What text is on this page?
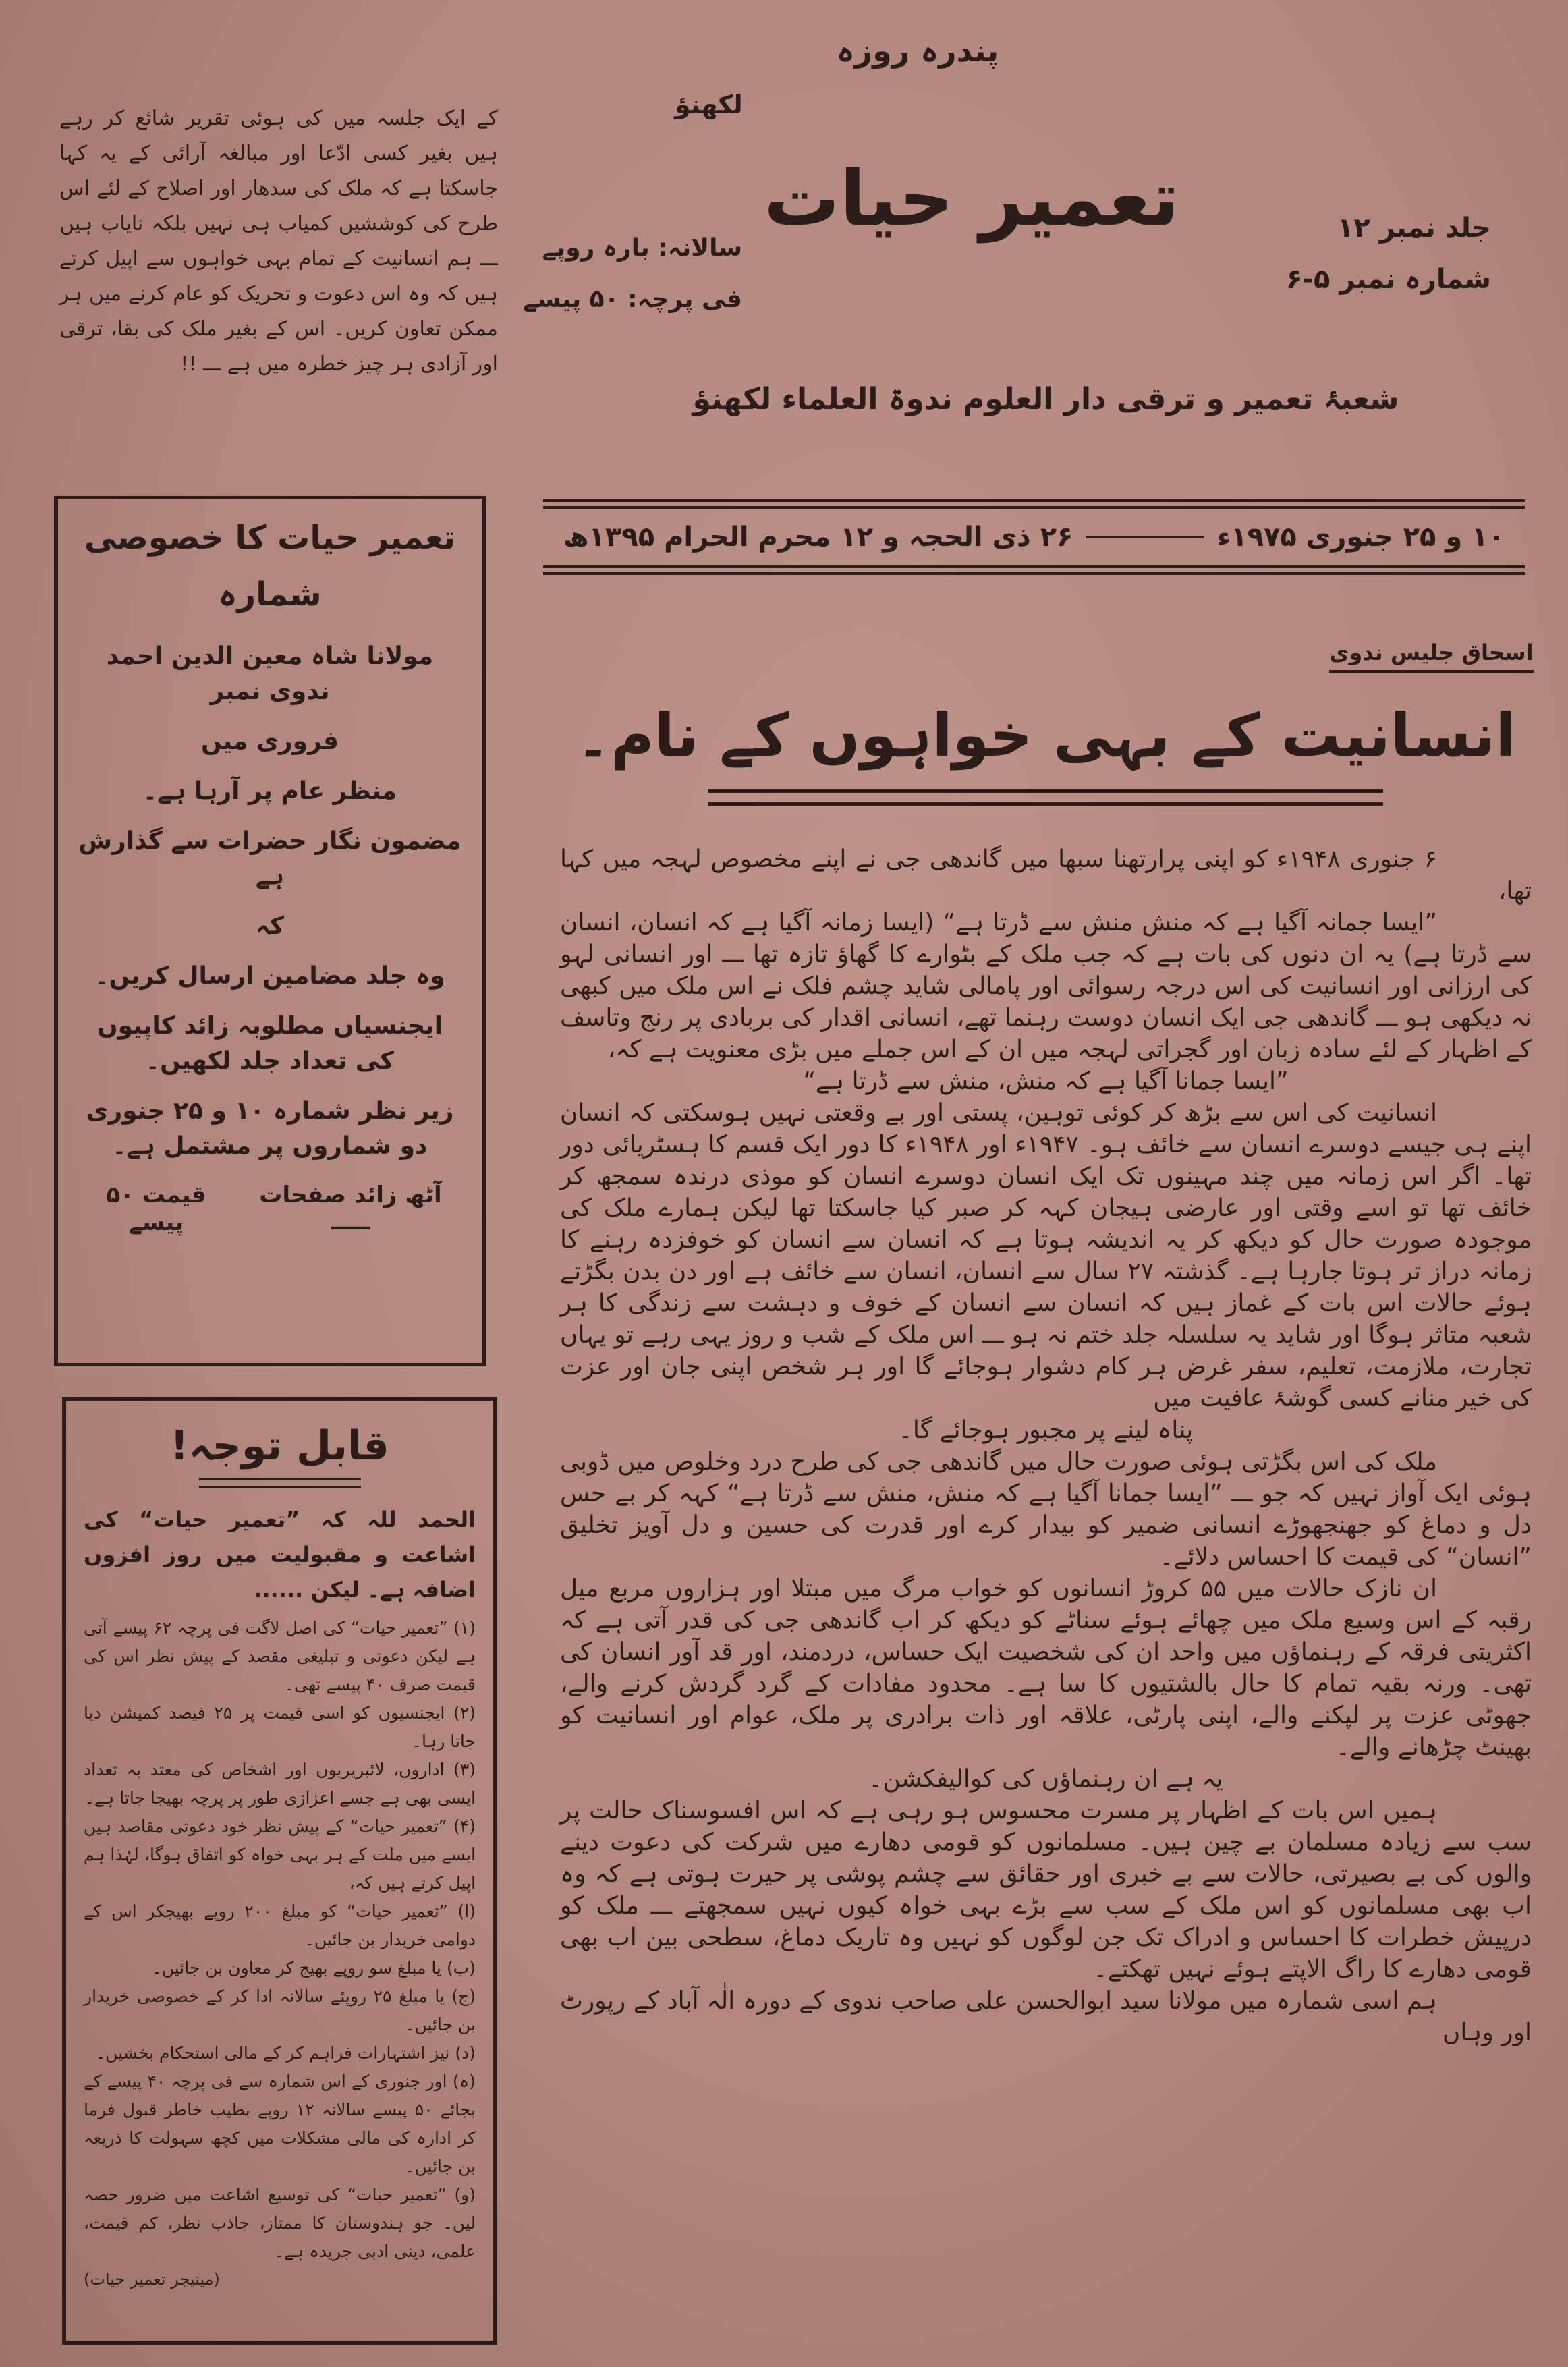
پندرہ روزہ
لکھنؤ
تعمیر حیات	جلد نمبر ۱۲
شمارہ نمبر ۵-۶
سالانہ: بارہ روپے
فی پرچہ: ۵۰ پیسے
شعبۂ تعمیر و ترقی دار العلوم ندوۃ العلماء لکھنؤ
۱۰ و ۲۵ جنوری ۱۹۷۵ء
۲۶ ذی الحجہ و ۱۲ محرم الحرام ۱۳۹۵ھ
کے ایک جلسہ میں کی ہوئی تقریر شائع کر رہے ہیں بغیر کسی ادّعا اور مبالغہ آرائی کے یہ کہا جاسکتا ہے کہ ملک کی سدھار اور اصلاح کے لئے اس طرح کی کوششیں کمیاب ہی نہیں بلکہ نایاب ہیں ـــ ہم انسانیت کے تمام بہی خواہوں سے اپیل کرتے ہیں کہ وہ اس دعوت و تحریک کو عام کرنے میں ہر ممکن تعاون کریں۔ اس کے بغیر ملک کی بقا، ترقی اور آزادی ہر چیز خطرہ میں ہے ـــ !!
تعمیر حیات کا خصوصی شمارہ
مولانا شاہ معین الدین احمد ندوی نمبر
فروری میں
منظر عام پر آرہا ہے۔
مضمون نگار حضرات سے گذارش ہے
کہ
وہ جلد مضامین ارسال کریں۔
ایجنسیاں مطلوبہ زائد کاپیوں کی تعداد جلد لکھیں۔
زیر نظر شمارہ ۱۰ و ۲۵ جنوری دو شماروں پر مشتمل ہے۔
آٹھ زائد صفحات ـــــ
قیمت ۵۰ پیسے
قابل توجہ!
الحمد للہ کہ ”تعمیر حیات“ کی اشاعت و مقبولیت میں روز افزوں اضافہ ہے۔ لیکن ......
(۱) ”تعمیر حیات“ کی اصل لاگت فی پرچہ ۶۲ پیسے آتی ہے لیکن دعوتی و تبلیغی مقصد کے پیش نظر اس کی قیمت صرف ۴۰ پیسے تھی۔
(۲) ایجنسیوں کو اسی قیمت پر ۲۵ فیصد کمیشن دیا جاتا رہا۔
(۳) اداروں، لائبریریوں اور اشخاص کی معتد بہ تعداد ایسی بھی ہے جسے اعزازی طور پر پرچہ بھیجا جاتا ہے۔
(۴) ”تعمیر حیات“ کے پیش نظر خود دعوتی مقاصد ہیں ایسے میں ملت کے ہر بہی خواہ کو اتفاق ہوگا، لہٰذا ہم اپیل کرتے ہیں کہ،
(ا) ”تعمیر حیات“ کو مبلغ ۲۰۰ روپے بھیجکر اس کے دوامی خریدار بن جائیں۔
(ب) یا مبلغ سو روپے بھیج کر معاون بن جائیں۔
(ج) یا مبلغ ۲۵ روپئے سالانہ ادا کر کے خصوصی خریدار بن جائیں۔
(د) نیز اشتہارات فراہم کر کے مالی استحکام بخشیں۔
(ہ) اور جنوری کے اس شمارہ سے فی پرچہ ۴۰ پیسے کے بجائے ۵۰ پیسے سالانہ ۱۲ روپے بطیب خاطر قبول فرما کر ادارہ کی مالی مشکلات میں کچھ سہولت کا ذریعہ بن جائیں۔
(و) ”تعمیر حیات“ کی توسیع اشاعت میں ضرور حصہ لیں۔ جو ہندوستان کا ممتاز، جاذب نظر، کم قیمت، علمی، دینی ادبی جریدہ ہے۔
(مینیجر تعمیر حیات)
اسحاق جلیس ندوی
انسانیت کے بہی خواہوں کے نام۔

۶ جنوری ۱۹۴۸ء کو اپنی پرارتھنا سبھا میں گاندھی جی نے اپنے مخصوص لہجہ میں کہا تھا،

”ایسا جمانہ آگیا ہے کہ منش منش سے ڈرتا ہے“ (ایسا زمانہ آگیا ہے کہ انسان، انسان سے ڈرتا ہے) یہ ان دنوں کی بات ہے کہ جب ملک کے بٹوارے کا گھاؤ تازہ تھا ـــ اور انسانی لہو کی ارزانی اور انسانیت کی اس درجہ رسوائی اور پامالی شاید چشم فلک نے اس ملک میں کبھی نہ دیکھی ہو ـــ گاندھی جی ایک انسان دوست رہنما تھے، انسانی اقدار کی بربادی پر رنج وتاسف کے اظہار کے لئے سادہ زبان اور گجراتی لہجہ میں ان کے اس جملے میں بڑی معنویت ہے کہ،

”ایسا جمانا آگیا ہے کہ منش، منش سے ڈرتا ہے“

انسانیت کی اس سے بڑھ کر کوئی توہین، پستی اور بے وقعتی نہیں ہوسکتی کہ انسان اپنے ہی جیسے دوسرے انسان سے خائف ہو۔ ۱۹۴۷ء اور ۱۹۴۸ء کا دور ایک قسم کا ہسٹریائی دور تھا۔ اگر اس زمانہ میں چند مہینوں تک ایک انسان دوسرے انسان کو موذی درندہ سمجھ کر خائف تھا تو اسے وقتی اور عارضی ہیجان کہہ کر صبر کیا جاسکتا تھا لیکن ہمارے ملک کی موجودہ صورت حال کو دیکھ کر یہ اندیشہ ہوتا ہے کہ انسان سے انسان کو خوفزدہ رہنے کا زمانہ دراز تر ہوتا جارہا ہے۔ گذشتہ ۲۷ سال سے انسان، انسان سے خائف ہے اور دن بدن بگڑتے ہوئے حالات اس بات کے غماز ہیں کہ انسان سے انسان کے خوف و دہشت سے زندگی کا ہر شعبہ متاثر ہوگا اور شاید یہ سلسلہ جلد ختم نہ ہو ـــ اس ملک کے شب و روز یہی رہے تو یہاں تجارت، ملازمت، تعلیم، سفر غرض ہر کام دشوار ہوجائے گا اور ہر شخص اپنی جان اور عزت کی خیر منانے کسی گوشۂ عافیت میں

پناہ لینے پر مجبور ہوجائے گا۔

ملک کی اس بگڑتی ہوئی صورت حال میں گاندھی جی کی طرح درد وخلوص میں ڈوبی ہوئی ایک آواز نہیں کہ جو ـــ ”ایسا جمانا آگیا ہے کہ منش، منش سے ڈرتا ہے“ کہہ کر بے حس دل و دماغ کو جھنجھوڑے انسانی ضمیر کو بیدار کرے اور قدرت کی حسین و دل آویز تخلیق ”انسان“ کی قیمت کا احساس دلائے۔

ان نازک حالات میں ۵۵ کروڑ انسانوں کو خواب مرگ میں مبتلا اور ہزاروں مربع میل رقبہ کے اس وسیع ملک میں چھائے ہوئے سناٹے کو دیکھ کر اب گاندھی جی کی قدر آتی ہے کہ اکثریتی فرقہ کے رہنماؤں میں واحد ان کی شخصیت ایک حساس، دردمند، اور قد آور انسان کی تھی۔ ورنہ بقیہ تمام کا حال بالشتیوں کا سا ہے۔ محدود مفادات کے گرد گردش کرنے والے، جھوٹی عزت پر لپکنے والے، اپنی پارٹی، علاقہ اور ذات برادری پر ملک، عوام اور انسانیت کو بھینٹ چڑھانے والے۔

یہ ہے ان رہنماؤں کی کوالیفکشن۔

ہمیں اس بات کے اظہار پر مسرت محسوس ہو رہی ہے کہ اس افسوسناک حالت پر سب سے زیادہ مسلمان بے چین ہیں۔ مسلمانوں کو قومی دھارے میں شرکت کی دعوت دینے والوں کی بے بصیرتی، حالات سے بے خبری اور حقائق سے چشم پوشی پر حیرت ہوتی ہے کہ وہ اب بھی مسلمانوں کو اس ملک کے سب سے بڑے بہی خواہ کیوں نہیں سمجھتے ـــ ملک کو درپیش خطرات کا احساس و ادراک تک جن لوگوں کو نہیں وہ تاریک دماغ، سطحی بین اب بھی قومی دھارے کا راگ الاپتے ہوئے نہیں تھکتے۔

ہم اسی شمارہ میں مولانا سید ابوالحسن علی صاحب ندوی کے دورہ الٰہ آباد کے رپورٹ اور وہاں
